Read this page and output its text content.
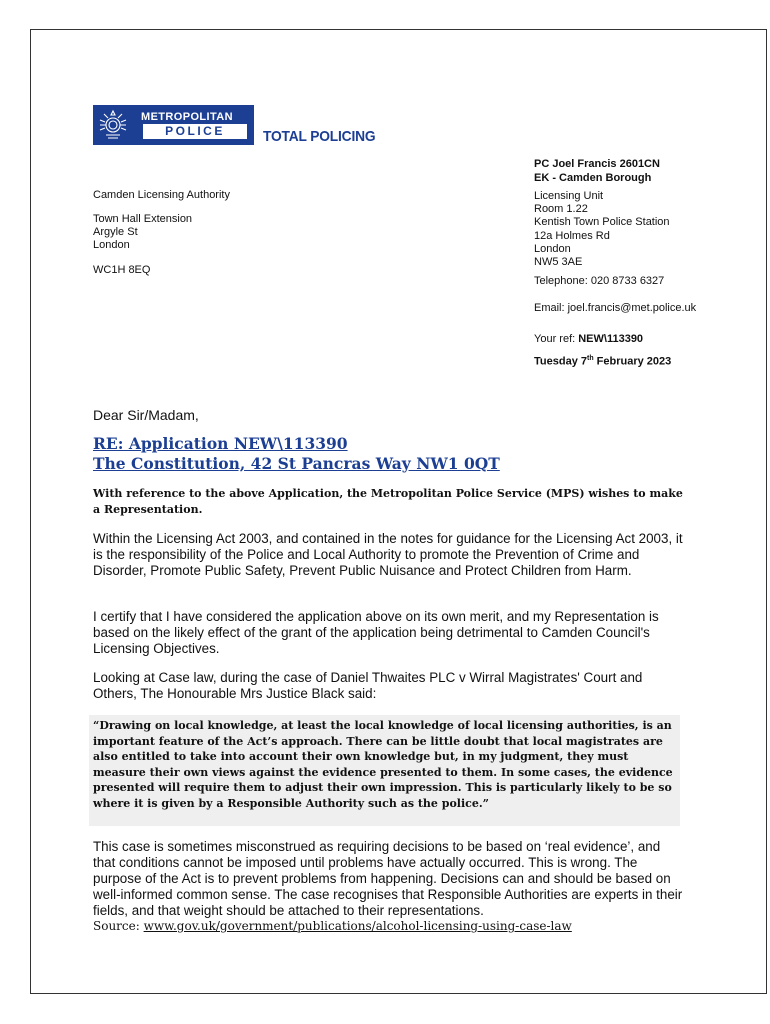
METROPOLITAN
POLICE	TOTAL POLICING
PC Joel Francis 2601CN
EK - Camden Borough
Licensing Unit
Room 1.22
Kentish Town Police Station
12a Holmes Rd
London
NW5 3AE
Telephone: 020 8733 6327
Email: joel.francis@met.police.uk
Your ref: NEW\113390
Tuesday 7th February 2023
Camden Licensing Authority
Town Hall Extension
Argyle St
London
WC1H 8EQ
Dear Sir/Madam,
RE: Application NEW\113390
The Constitution, 42 St Pancras Way NW1 0QT
With reference to the above Application, the Metropolitan Police Service (MPS) wishes to make a Representation.
Within the Licensing Act 2003, and contained in the notes for guidance for the Licensing Act 2003, it is the responsibility of the Police and Local Authority to promote the Prevention of Crime and Disorder, Promote Public Safety, Prevent Public Nuisance and Protect Children from Harm.
I certify that I have considered the application above on its own merit, and my Representation is based on the likely effect of the grant of the application being detrimental to Camden Council's Licensing Objectives.
Looking at Case law, during the case of Daniel Thwaites PLC v Wirral Magistrates' Court and Others, The Honourable Mrs Justice Black said:
“Drawing on local knowledge, at least the local knowledge of local licensing authorities, is an important feature of the Act’s approach. There can be little doubt that local magistrates are also entitled to take into account their own knowledge but, in my judgment, they must measure their own views against the evidence presented to them. In some cases, the evidence presented will require them to adjust their own impression. This is particularly likely to be so where it is given by a Responsible Authority such as the police.”
This case is sometimes misconstrued as requiring decisions to be based on ‘real evidence’, and that conditions cannot be imposed until problems have actually occurred. This is wrong. The purpose of the Act is to prevent problems from happening. Decisions can and should be based on well-informed common sense. The case recognises that Responsible Authorities are experts in their fields, and that weight should be attached to their representations.
Source: www.gov.uk/government/publications/alcohol-licensing-using-case-law
